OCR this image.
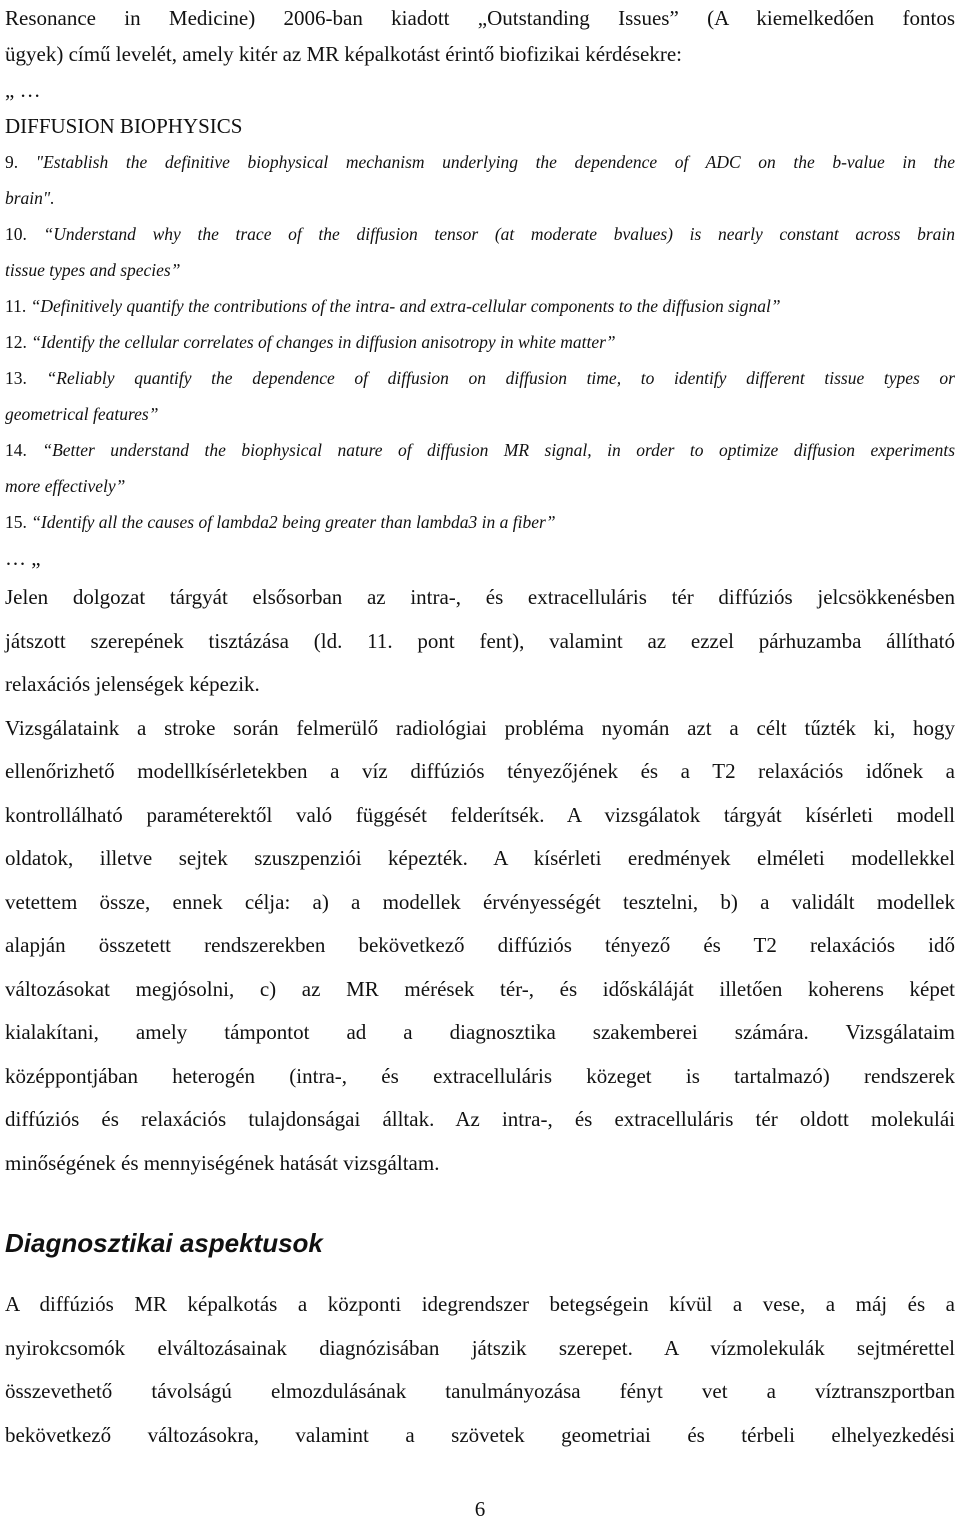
Resonance in Medicine) 2006-ban kiadott „Outstanding Issues” (A kiemelkedően fontos
ügyek) című levelét, amely kitér az MR képalkotást érintő biofizikai kérdésekre:
„ …
DIFFUSION BIOPHYSICS
9. "Establish the definitive biophysical mechanism underlying the dependence of ADC on the b-value in the
brain".
10. “Understand why the trace of the diffusion tensor (at moderate bvalues) is nearly constant across brain
tissue types and species”
11. “Definitively quantify the contributions of the intra- and extra-cellular components to the diffusion signal”
12. “Identify the cellular correlates of changes in diffusion anisotropy in white matter”
13. “Reliably quantify the dependence of diffusion on diffusion time, to identify different tissue types or
geometrical features”
14. “Better understand the biophysical nature of diffusion MR signal, in order to optimize diffusion experiments
more effectively”
15. “Identify all the causes of lambda2 being greater than lambda3 in a fiber”
… „
Jelen dolgozat tárgyát elsősorban az intra-, és extracelluláris tér diffúziós jelcsökkenésben
játszott szerepének tisztázása (ld. 11. pont fent), valamint az ezzel párhuzamba állítható
relaxációs jelenségek képezik.
Vizsgálataink a stroke során felmerülő radiológiai probléma nyomán azt a célt tűzték ki, hogy
ellenőrizhető modellkísérletekben a víz diffúziós tényezőjének és a T2 relaxációs időnek a
kontrollálható paraméterektől való függését felderítsék. A vizsgálatok tárgyát kísérleti modell
oldatok, illetve sejtek szuszpenziói képezték. A kísérleti eredmények elméleti modellekkel
vetettem össze, ennek célja: a) a modellek érvényességét tesztelni, b) a validált modellek
alapján összetett rendszerekben bekövetkező diffúziós tényező és T2 relaxációs idő
változásokat megjósolni, c) az MR mérések tér-, és időskáláját illetően koherens képet
kialakítani, amely támpontot ad a diagnosztika szakemberei számára. Vizsgálataim
középpontjában heterogén (intra-, és extracelluláris közeget is tartalmazó) rendszerek
diffúziós és relaxációs tulajdonságai álltak. Az intra-, és extracelluláris tér oldott molekulái
minőségének és mennyiségének hatását vizsgáltam.
Diagnosztikai aspektusok
A diffúziós MR képalkotás a központi idegrendszer betegségein kívül a vese, a máj és a
nyirokcsomók elváltozásainak diagnózisában játszik szerepet. A vízmolekulák sejtmérettel
összevethető távolságú elmozdulásának tanulmányozása fényt vet a víztranszportban
bekövetkező változásokra, valamint a szövetek geometriai és térbeli elhelyezkedési
6
